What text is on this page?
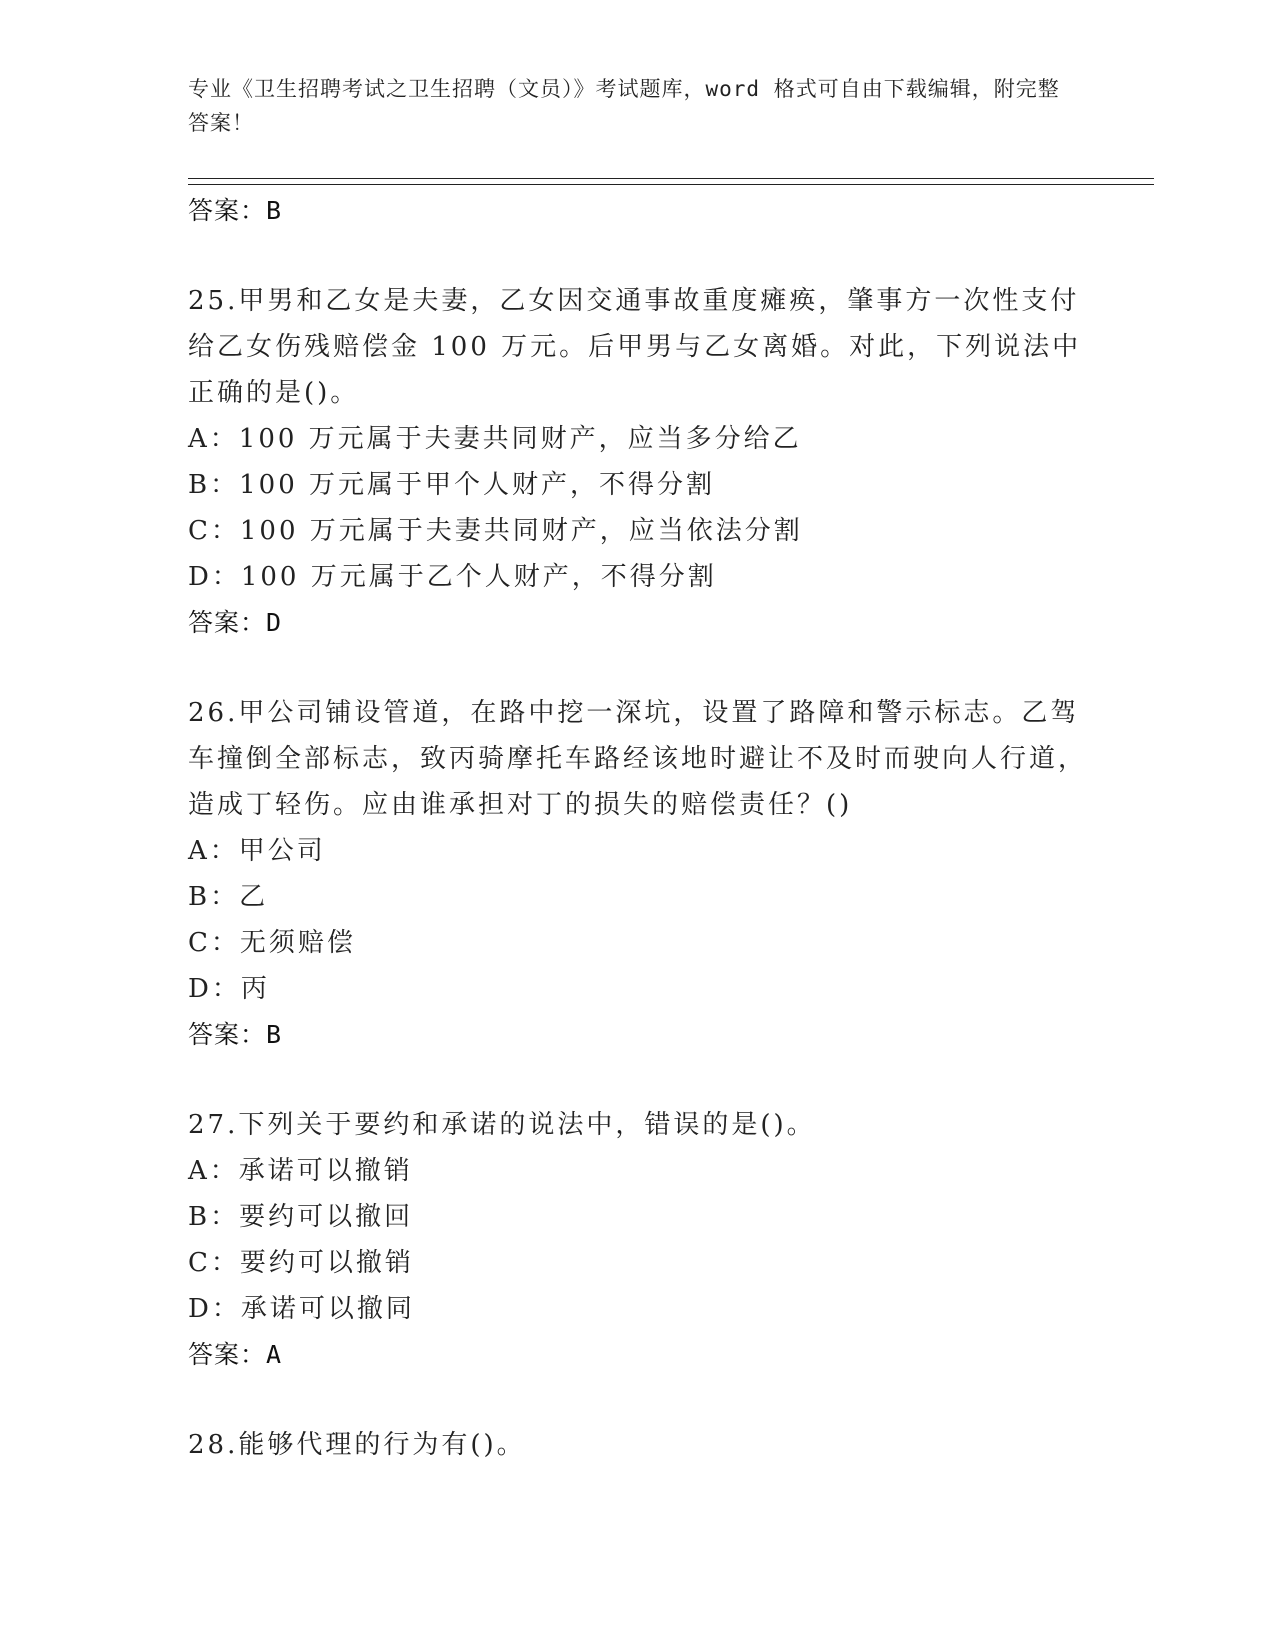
专业《卫生招聘考试之卫生招聘（文员）》考试题库，word 格式可自由下载编辑，附完整答案！
答案：B
25.甲男和乙女是夫妻，乙女因交通事故重度瘫痪，肇事方一次性支付给乙女伤残赔偿金 100 万元。后甲男与乙女离婚。对此，下列说法中正确的是()。
A：100 万元属于夫妻共同财产，应当多分给乙
B：100 万元属于甲个人财产，不得分割
C：100 万元属于夫妻共同财产，应当依法分割
D：100 万元属于乙个人财产，不得分割
答案：D
26.甲公司铺设管道，在路中挖一深坑，设置了路障和警示标志。乙驾车撞倒全部标志，致丙骑摩托车路经该地时避让不及时而驶向人行道，造成丁轻伤。应由谁承担对丁的损失的赔偿责任？()
A：甲公司
B：乙
C：无须赔偿
D：丙
答案：B
27.下列关于要约和承诺的说法中，错误的是()。
A：承诺可以撤销
B：要约可以撤回
C：要约可以撤销
D：承诺可以撤同
答案：A
28.能够代理的行为有()。
